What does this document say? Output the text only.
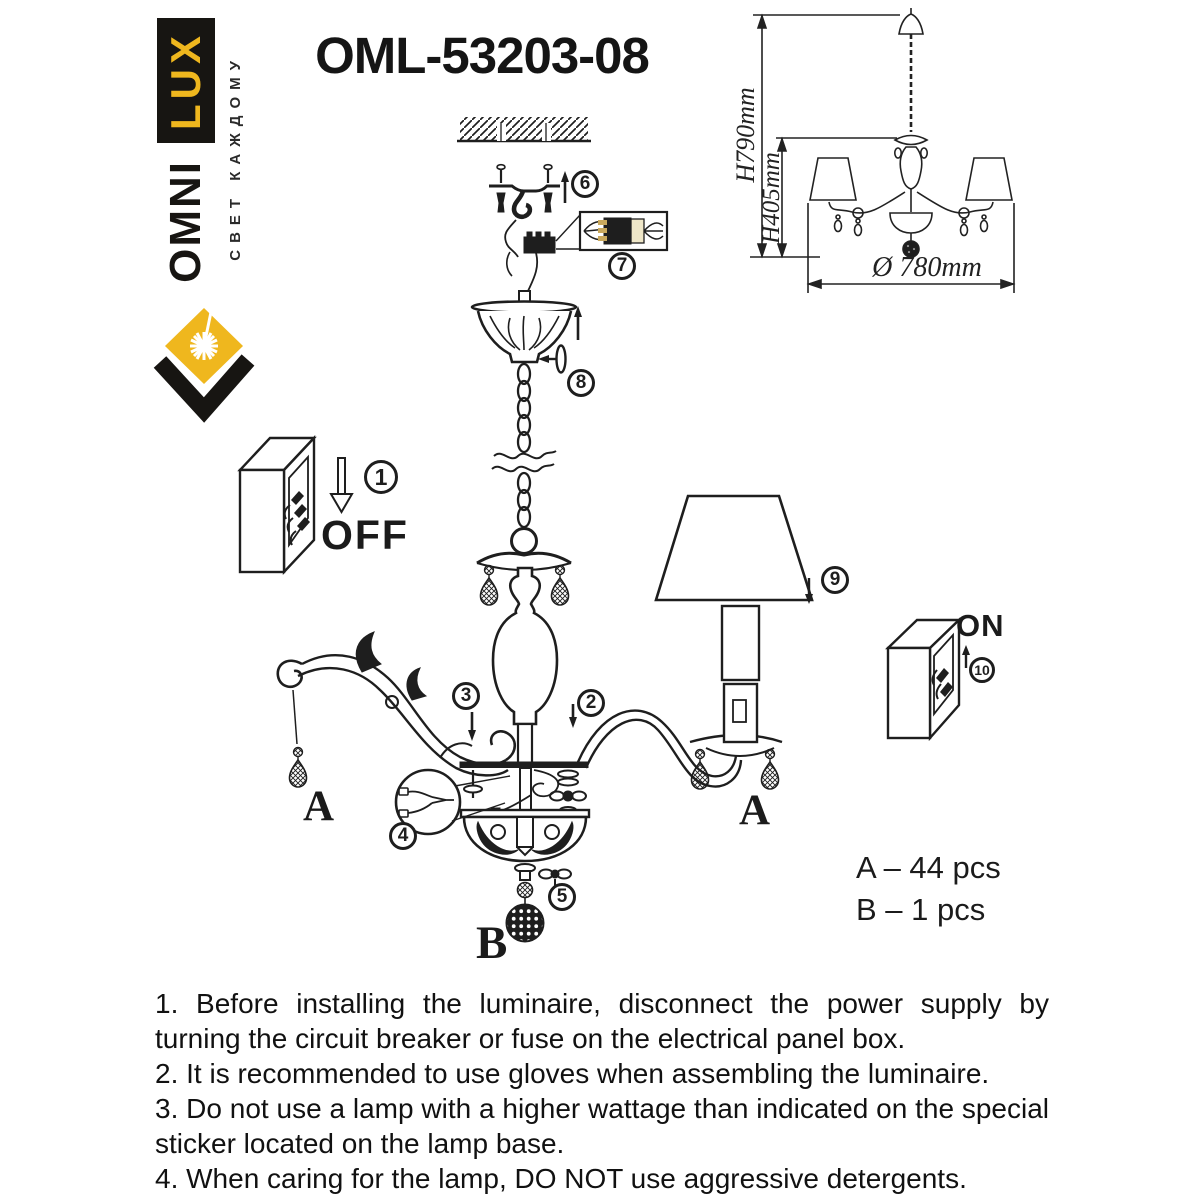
LUX
OMNI СВЕТ КАЖДОМУ	OML-53203-08
H790mm
H405mm
Ø 780mm
1
2
3
4
5
6
7
8
9
10
OFF
ON
A	A
B
A – 44 pcs
B – 1 pcs

1. Before installing the luminaire, disconnect the power supply by turning the circuit breaker or fuse on the electrical panel box.

2. It is recommended to use gloves when assembling the luminaire.

3. Do not use a lamp with a higher wattage than indicated on the special sticker located on the lamp base.

4. When caring for the lamp, DO NOT use aggressive detergents.
